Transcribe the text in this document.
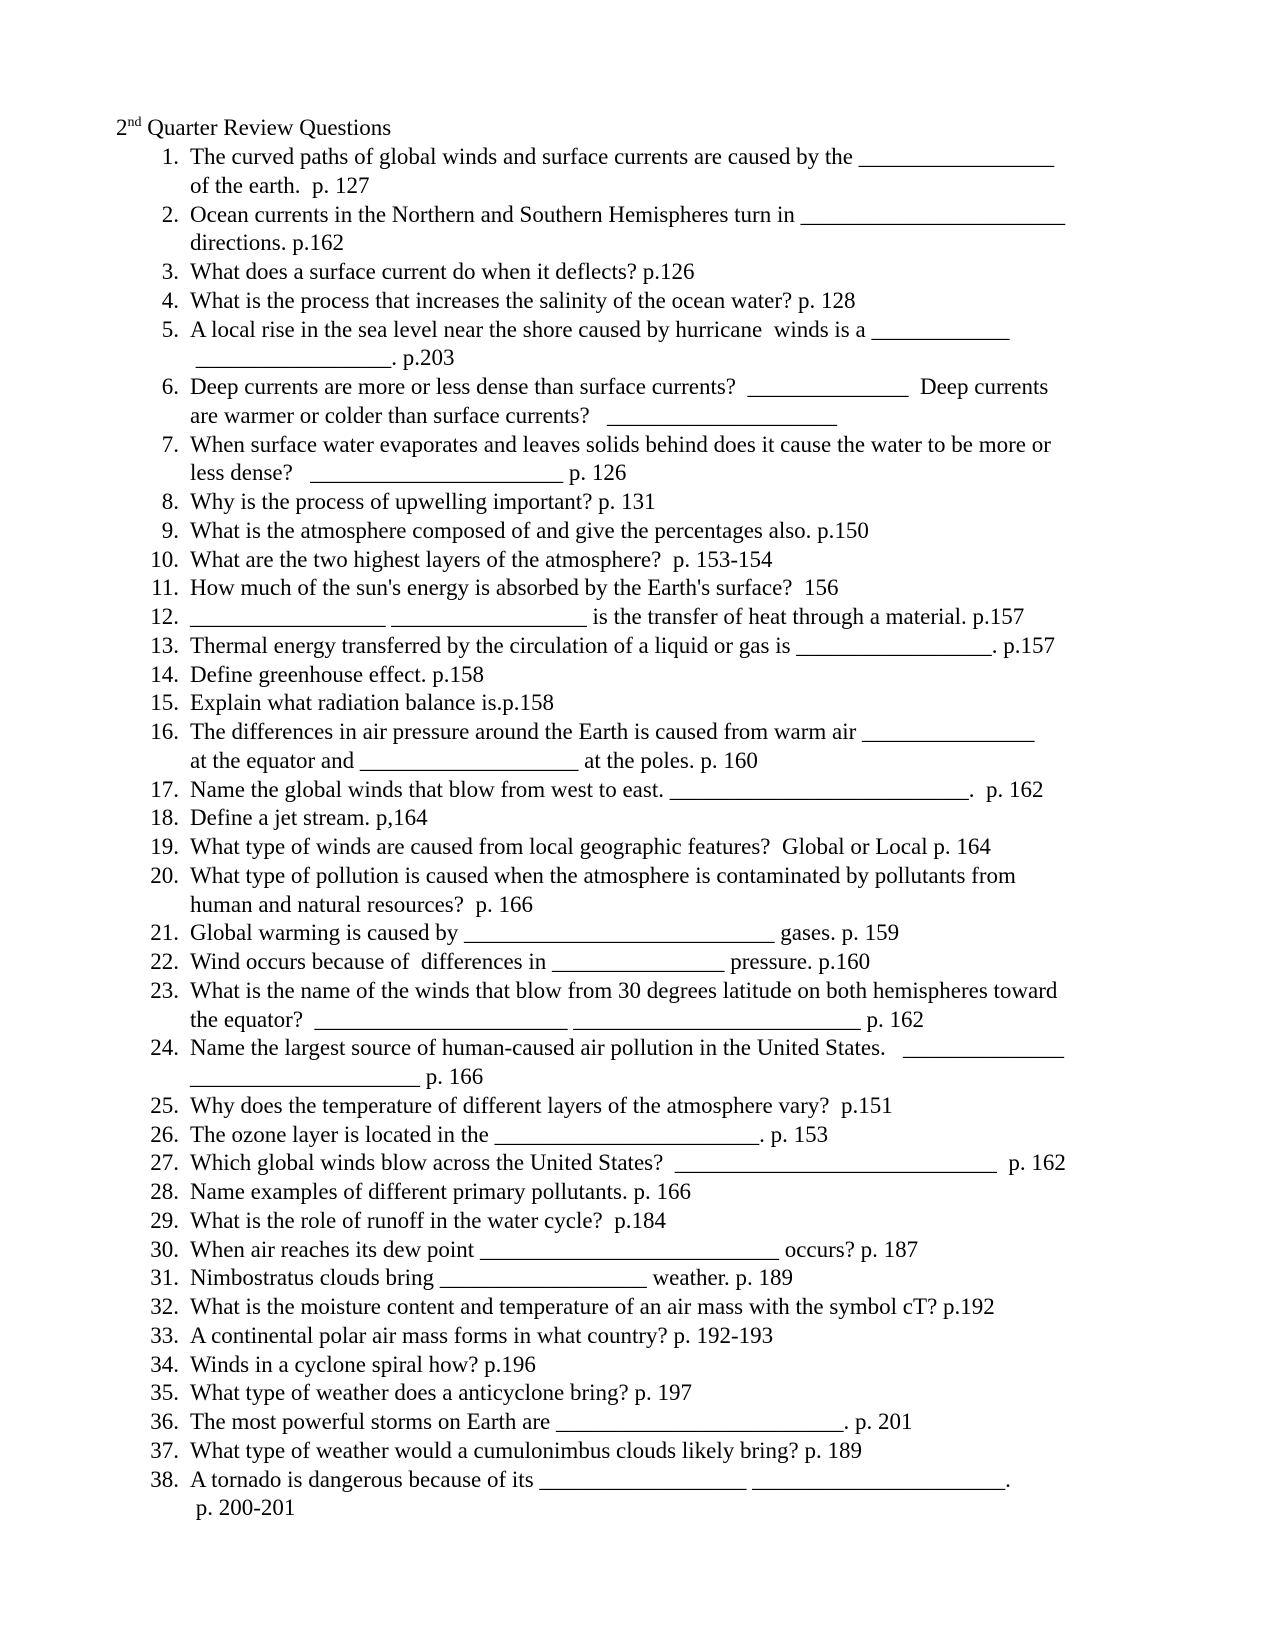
2nd Quarter Review Questions
1. The curved paths of global winds and surface currents are caused by the _________________
of the earth.  p. 127
2. Ocean currents in the Northern and Southern Hemispheres turn in _______________________
directions. p.162
3. What does a surface current do when it deflects? p.126
4. What is the process that increases the salinity of the ocean water? p. 128
5. A local rise in the sea level near the shore caused by hurricane  winds is a ____________
_________________. p.203
6. Deep currents are more or less dense than surface currents?  ______________  Deep currents
are warmer or colder than surface currents?   ____________________
7. When surface water evaporates and leaves solids behind does it cause the water to be more or
less dense?   ______________________ p. 126
8. Why is the process of upwelling important? p. 131
9. What is the atmosphere composed of and give the percentages also. p.150
10. What are the two highest layers of the atmosphere?  p. 153-154
11. How much of the sun's energy is absorbed by the Earth's surface?  156
12. _________________ _________________ is the transfer of heat through a material. p.157
13. Thermal energy transferred by the circulation of a liquid or gas is _________________. p.157
14. Define greenhouse effect. p.158
15. Explain what radiation balance is.p.158
16. The differences in air pressure around the Earth is caused from warm air _______________
at the equator and ___________________ at the poles. p. 160
17. Name the global winds that blow from west to east. __________________________.  p. 162
18. Define a jet stream. p,164
19. What type of winds are caused from local geographic features?  Global or Local p. 164
20. What type of pollution is caused when the atmosphere is contaminated by pollutants from
human and natural resources?  p. 166
21. Global warming is caused by ___________________________ gases. p. 159
22. Wind occurs because of  differences in _______________ pressure. p.160
23. What is the name of the winds that blow from 30 degrees latitude on both hemispheres toward
the equator?  ______________________ _________________________ p. 162
24. Name the largest source of human-caused air pollution in the United States.   ______________
____________________ p. 166
25. Why does the temperature of different layers of the atmosphere vary?  p.151
26. The ozone layer is located in the _______________________. p. 153
27. Which global winds blow across the United States?  ____________________________  p. 162
28. Name examples of different primary pollutants. p. 166
29. What is the role of runoff in the water cycle?  p.184
30. When air reaches its dew point __________________________ occurs? p. 187
31. Nimbostratus clouds bring __________________ weather. p. 189
32. What is the moisture content and temperature of an air mass with the symbol cT? p.192
33. A continental polar air mass forms in what country? p. 192-193
34. Winds in a cyclone spiral how? p.196
35. What type of weather does a anticyclone bring? p. 197
36. The most powerful storms on Earth are _________________________. p. 201
37. What type of weather would a cumulonimbus clouds likely bring? p. 189
38. A tornado is dangerous because of its __________________ ______________________.
p. 200-201
